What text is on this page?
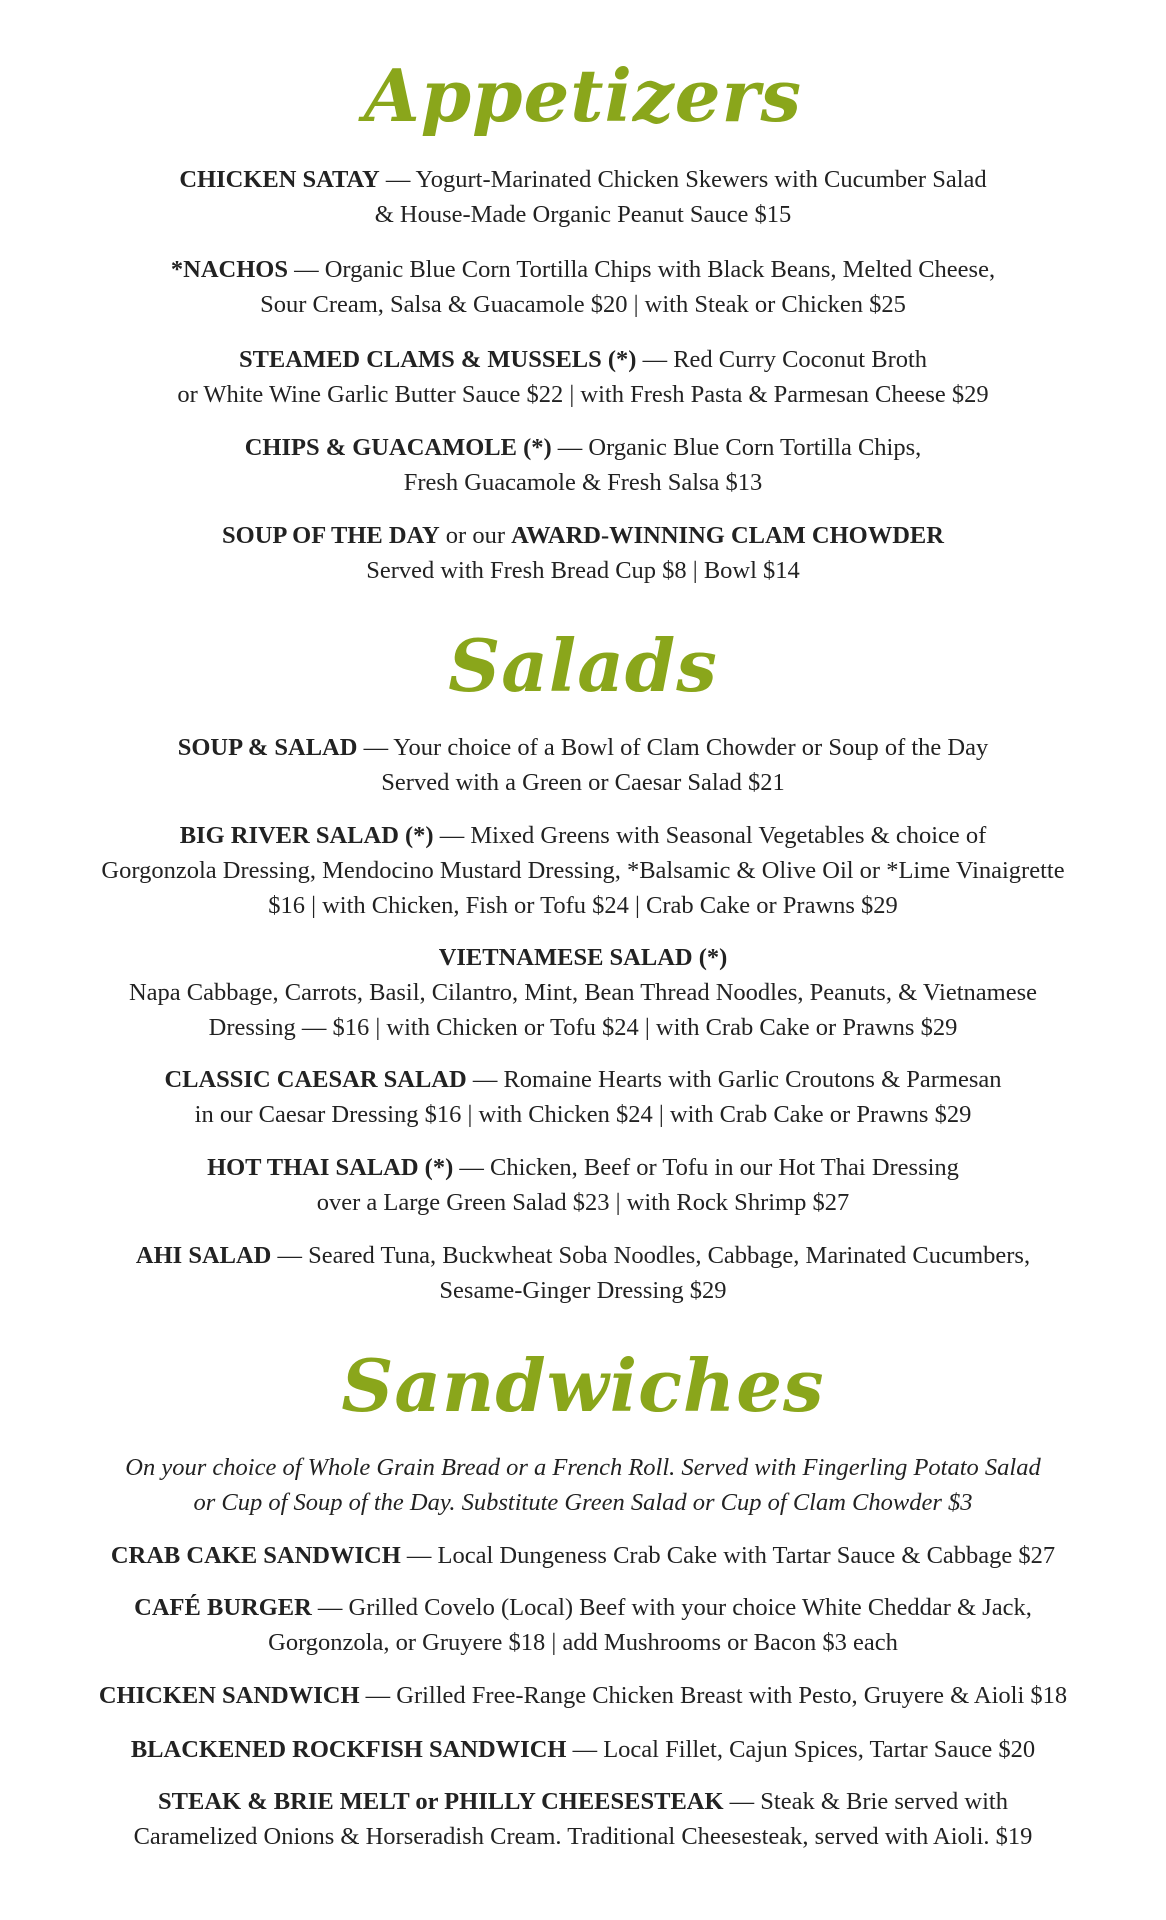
Appetizers

CHICKEN SATAY — Yogurt-Marinated Chicken Skewers with Cucumber Salad

& House-Made Organic Peanut Sauce $15

*NACHOS — Organic Blue Corn Tortilla Chips with Black Beans, Melted Cheese,

Sour Cream, Salsa & Guacamole $20 | with Steak or Chicken $25

STEAMED CLAMS & MUSSELS (*) — Red Curry Coconut Broth

or White Wine Garlic Butter Sauce $22 | with Fresh Pasta & Parmesan Cheese $29

CHIPS & GUACAMOLE (*) — Organic Blue Corn Tortilla Chips,

Fresh Guacamole & Fresh Salsa $13

SOUP OF THE DAY or our AWARD-WINNING CLAM CHOWDER

Served with Fresh Bread Cup $8 | Bowl $14

Salads

SOUP & SALAD — Your choice of a Bowl of Clam Chowder or Soup of the Day

Served with a Green or Caesar Salad $21

BIG RIVER SALAD (*) — Mixed Greens with Seasonal Vegetables & choice of

Gorgonzola Dressing, Mendocino Mustard Dressing, *Balsamic & Olive Oil or *Lime Vinaigrette

$16 | with Chicken, Fish or Tofu $24 | Crab Cake or Prawns $29

VIETNAMESE SALAD (*)

Napa Cabbage, Carrots, Basil, Cilantro, Mint, Bean Thread Noodles, Peanuts, & Vietnamese

Dressing — $16 | with Chicken or Tofu $24 | with Crab Cake or Prawns $29

CLASSIC CAESAR SALAD — Romaine Hearts with Garlic Croutons & Parmesan

in our Caesar Dressing $16 | with Chicken $24 | with Crab Cake or Prawns $29

HOT THAI SALAD (*) — Chicken, Beef or Tofu in our Hot Thai Dressing

over a Large Green Salad $23 | with Rock Shrimp $27

AHI SALAD — Seared Tuna, Buckwheat Soba Noodles, Cabbage, Marinated Cucumbers,

Sesame-Ginger Dressing $29

Sandwiches

On your choice of Whole Grain Bread or a French Roll. Served with Fingerling Potato Salad

or Cup of Soup of the Day. Substitute Green Salad or Cup of Clam Chowder $3

CRAB CAKE SANDWICH — Local Dungeness Crab Cake with Tartar Sauce & Cabbage $27

CAFÉ BURGER — Grilled Covelo (Local) Beef with your choice White Cheddar & Jack,

Gorgonzola, or Gruyere $18 | add Mushrooms or Bacon $3 each

CHICKEN SANDWICH — Grilled Free-Range Chicken Breast with Pesto, Gruyere & Aioli $18

BLACKENED ROCKFISH SANDWICH — Local Fillet, Cajun Spices, Tartar Sauce $20

STEAK & BRIE MELT or PHILLY CHEESESTEAK — Steak & Brie served with

Caramelized Onions & Horseradish Cream. Traditional Cheesesteak, served with Aioli. $19
